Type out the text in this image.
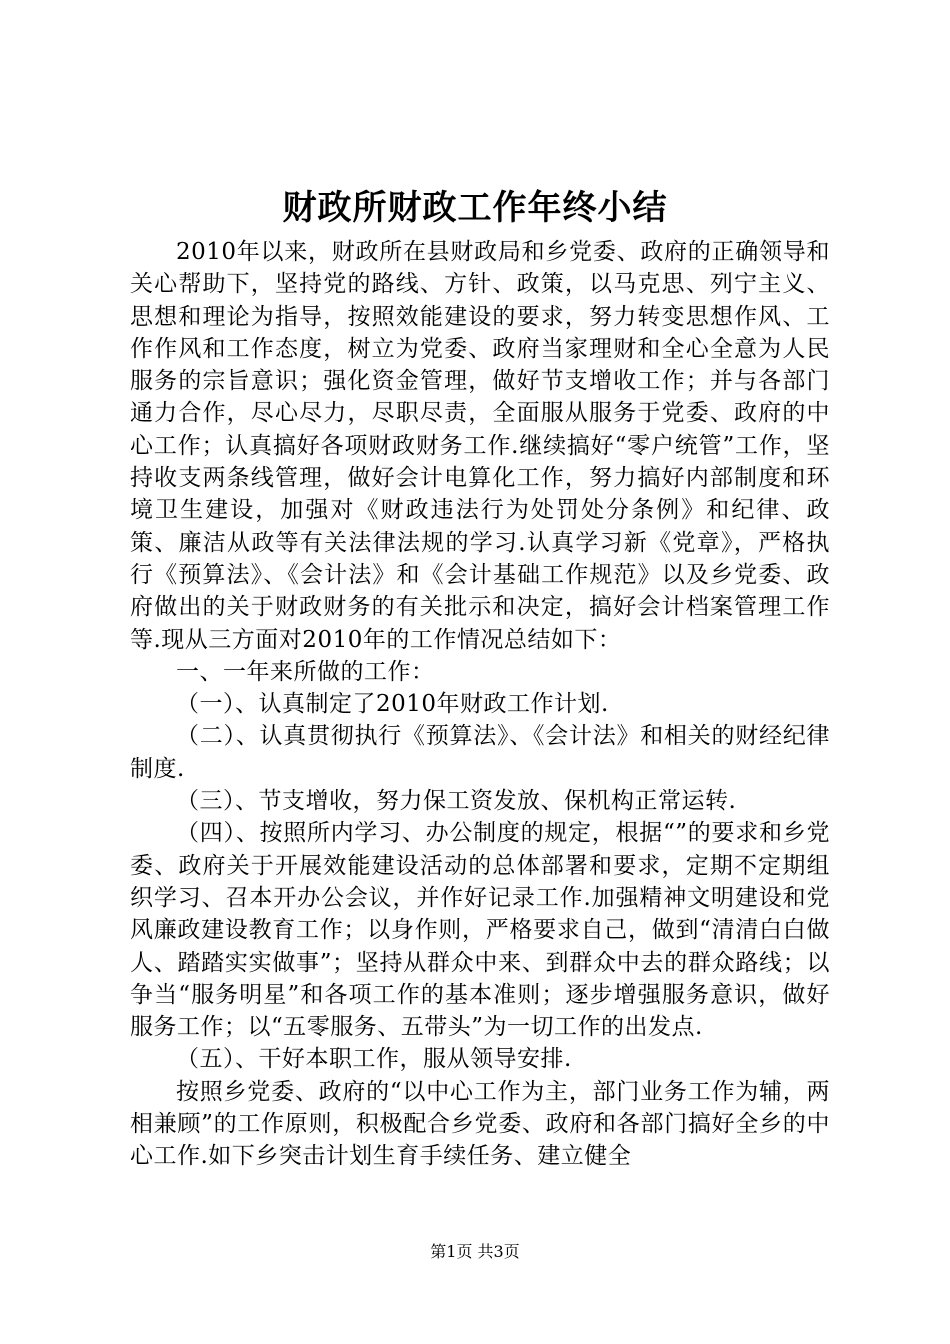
财政所财政工作年终小结

2010年以来，财政所在县财政局和乡党委、政府的正确领导和关心帮助下，坚持党的路线、方针、政策，以马克思、列宁主义、思想和理论为指导，按照效能建设的要求，努力转变思想作风、工作作风和工作态度，树立为党委、政府当家理财和全心全意为人民服务的宗旨意识；强化资金管理，做好节支增收工作；并与各部门通力合作，尽心尽力，尽职尽责，全面服从服务于党委、政府的中心工作；认真搞好各项财政财务工作.继续搞好“零户统管”工作，坚持收支两条线管理，做好会计电算化工作，努力搞好内部制度和环境卫生建设，加强对《财政违法行为处罚处分条例》和纪律、政策、廉洁从政等有关法律法规的学习.认真学习新《党章》，严格执行《预算法》、《会计法》和《会计基础工作规范》以及乡党委、政府做出的关于财政财务的有关批示和决定，搞好会计档案管理工作等.现从三方面对2010年的工作情况总结如下：

一、一年来所做的工作：

（一）、认真制定了2010年财政工作计划.

（二）、认真贯彻执行《预算法》、《会计法》和相关的财经纪律制度.

（三）、节支增收，努力保工资发放、保机构正常运转.

（四）、按照所内学习、办公制度的规定，根据“”的要求和乡党委、政府关于开展效能建设活动的总体部署和要求，定期不定期组织学习、召本开办公会议，并作好记录工作.加强精神文明建设和党风廉政建设教育工作；以身作则，严格要求自己，做到“清清白白做人、踏踏实实做事”；坚持从群众中来、到群众中去的群众路线；以争当“服务明星”和各项工作的基本准则；逐步增强服务意识，做好服务工作；以“五零服务、五带头”为一切工作的出发点.

（五）、干好本职工作，服从领导安排.

按照乡党委、政府的“以中心工作为主，部门业务工作为辅，两相兼顾”的工作原则，积极配合乡党委、政府和各部门搞好全乡的中心工作.如下乡突击计划生育手续任务、建立健全

第1页 共3页
